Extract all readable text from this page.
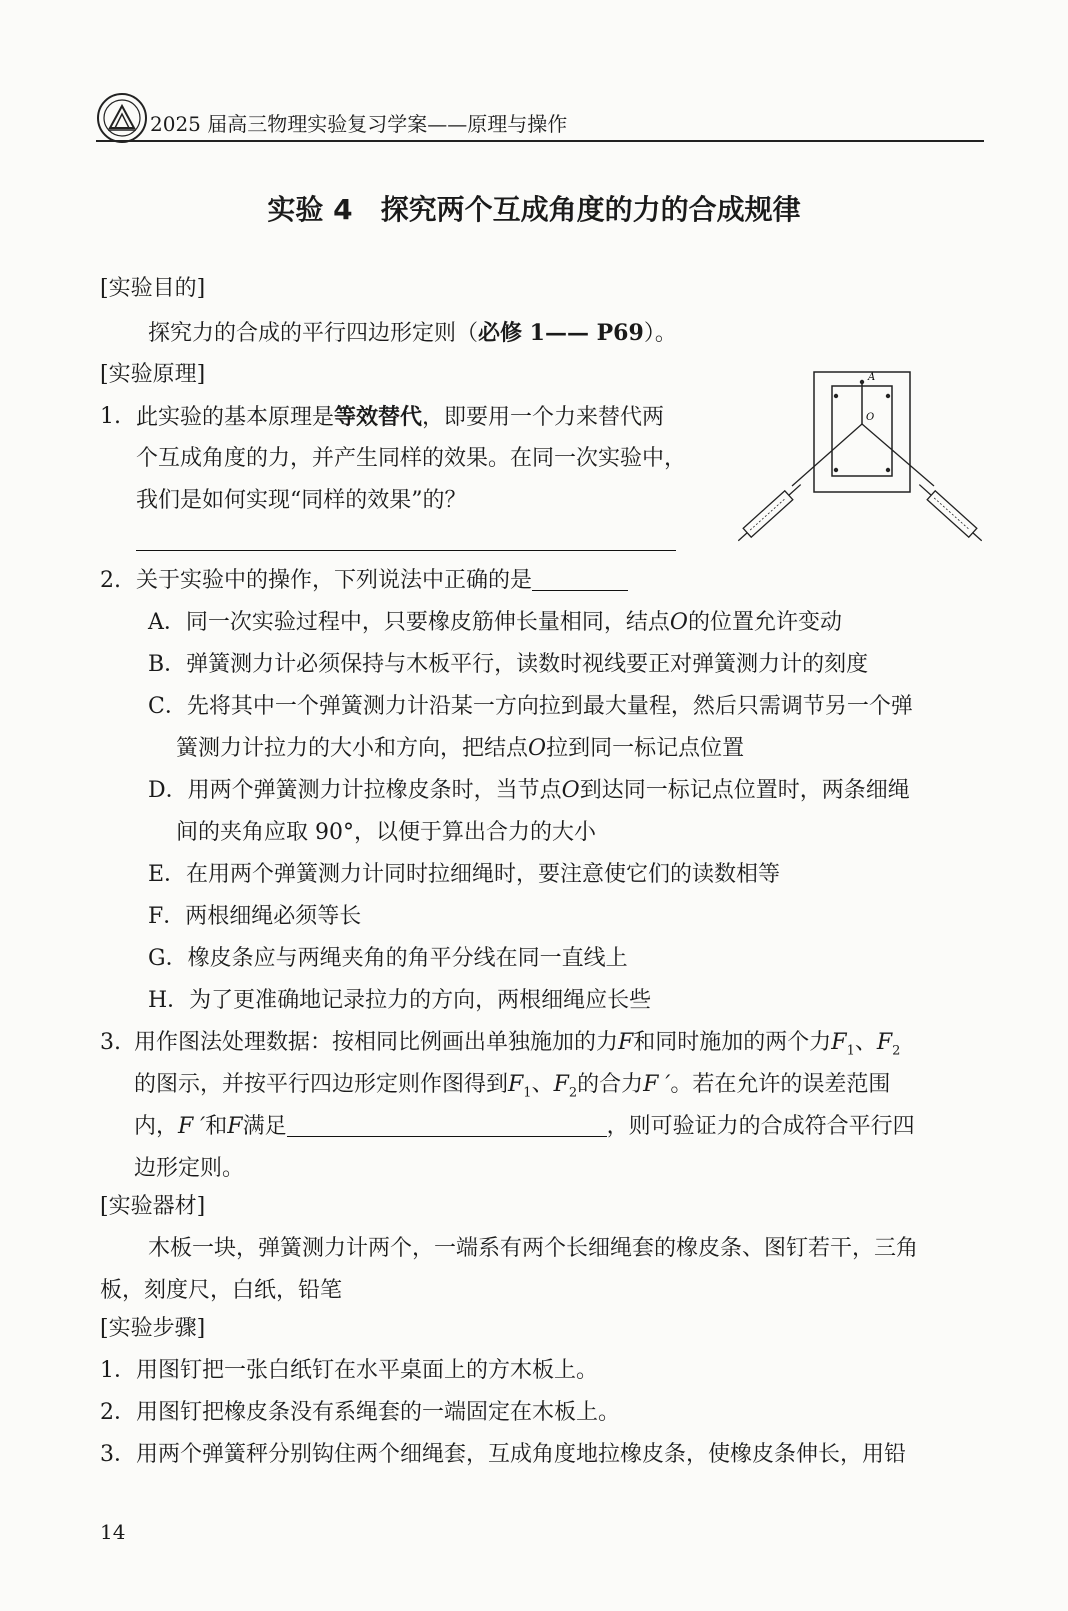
2025 届高三物理实验复习学案——原理与操作
实验 4　探究两个互成角度的力的合成规律
[实验目的]
探究力的合成的平行四边形定则（必修 1—— P69）。
[实验原理]
1. 此实验的基本原理是等效替代，即要用一个力来替代两
个互成角度的力，并产生同样的效果。在同一次实验中，
我们是如何实现“同样的效果”的？
A
O
2. 关于实验中的操作，下列说法中正确的是
A．同一次实验过程中，只要橡皮筋伸长量相同，结点O的位置允许变动
B．弹簧测力计必须保持与木板平行，读数时视线要正对弹簧测力计的刻度
C．先将其中一个弹簧测力计沿某一方向拉到最大量程，然后只需调节另一个弹
簧测力计拉力的大小和方向，把结点O拉到同一标记点位置
D．用两个弹簧测力计拉橡皮条时，当节点O到达同一标记点位置时，两条细绳
间的夹角应取 90°，以便于算出合力的大小
E．在用两个弹簧测力计同时拉细绳时，要注意使它们的读数相等
F．两根细绳必须等长
G．橡皮条应与两绳夹角的角平分线在同一直线上
H．为了更准确地记录拉力的方向，两根细绳应长些
3. 用作图法处理数据：按相同比例画出单独施加的力F和同时施加的两个力$F_1$、$F_2$
的图示，并按平行四边形定则作图得到$F_1$、$F_2$的合力F ′。若在允许的误差范围
内，F ′和F满足	，则可验证力的合成符合平行四
边形定则。
[实验器材]
木板一块，弹簧测力计两个，一端系有两个长细绳套的橡皮条、图钉若干，三角
板，刻度尺，白纸，铅笔
[实验步骤]
1．用图钉把一张白纸钉在水平桌面上的方木板上。
2．用图钉把橡皮条没有系绳套的一端固定在木板上。
3．用两个弹簧秤分别钩住两个细绳套，互成角度地拉橡皮条，使橡皮条伸长，用铅
14
